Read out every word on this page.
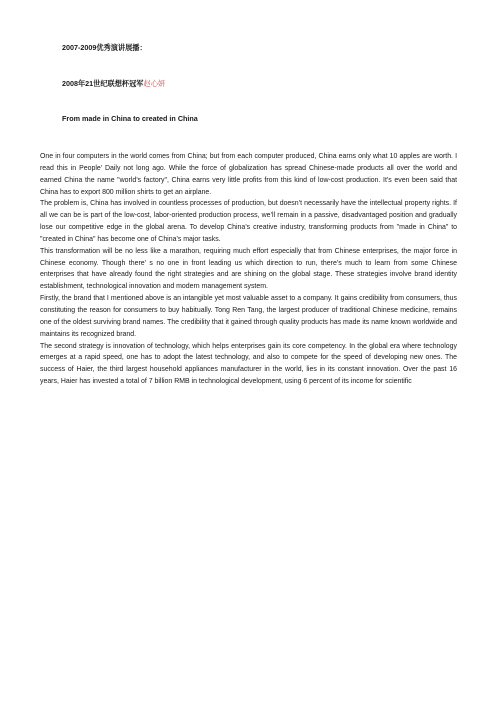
2007-2009优秀演讲展播：
2008年21世纪联想杯冠军赵心妍
From made in China to created in China

One in four computers in the world comes from China; but from each computer produced, China earns only what 10 apples are worth. I read this in People’ Daily not long ago. While the force of globalization has spread Chinese-made products all over the world and earned China the name "world’s factory", China earns very little profits from this kind of low-cost production. It’s even been said that China has to export 800 million shirts to get an airplane.

The problem is, China has involved in countless processes of production, but doesn’t necessarily have the intellectual property rights. If all we can be is part of the low-cost, labor-oriented production process, we’ll remain in a passive, disadvantaged position and gradually lose our competitive edge in the global arena. To develop China’s creative industry, transforming products from "made in China" to "created in China" has become one of China’s major tasks.

This transformation will be no less like a marathon, requiring much effort especially that from Chinese enterprises, the major force in Chinese economy. Though there’ s no one in front leading us which direction to run, there’s much to learn from some Chinese enterprises that have already found the right strategies and are shining on the global stage. These strategies involve brand identity establishment, technological innovation and modern management system.

Firstly, the brand that I mentioned above is an intangible yet most valuable asset to a company. It gains credibility from consumers, thus constituting the reason for consumers to buy habitually. Tong Ren Tang, the largest producer of traditional Chinese medicine, remains one of the oldest surviving brand names. The credibility that it gained through quality products has made its name known worldwide and maintains its recognized brand.

The second strategy is innovation of technology, which helps enterprises gain its core competency. In the global era where technology emerges at a rapid speed, one has to adopt the latest technology, and also to compete for the speed of developing new ones. The success of Haier, the third largest household appliances manufacturer in the world, lies in its constant innovation. Over the past 16 years, Haier has invested a total of 7 billion RMB in technological development, using 6 percent of its income for scientific
